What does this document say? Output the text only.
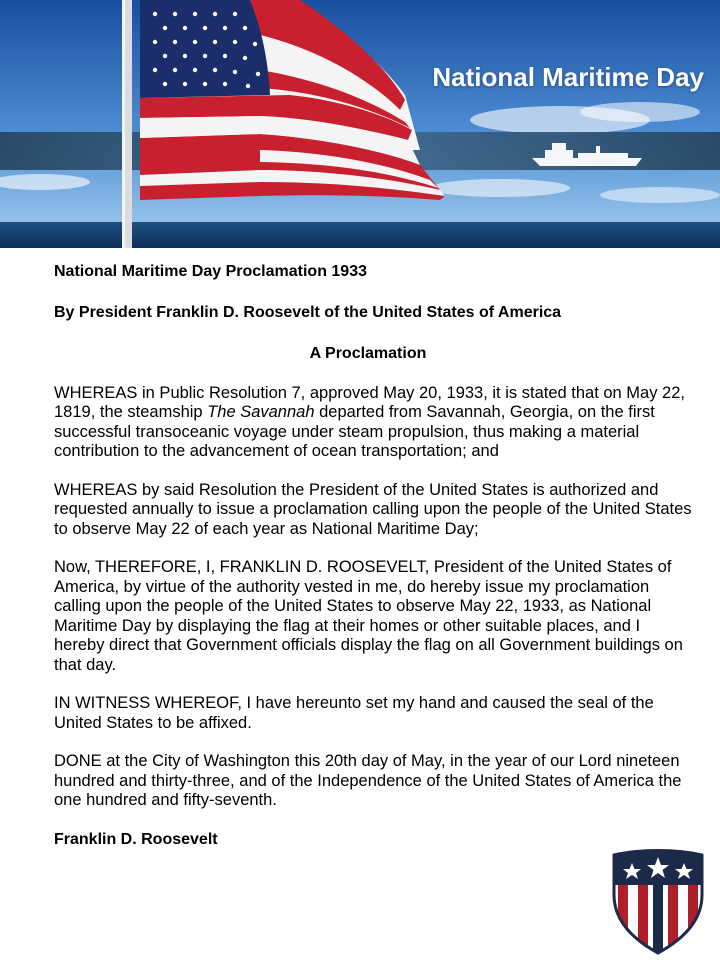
National Maritime Day
National Maritime Day Proclamation 1933
By President Franklin D. Roosevelt of the United States of America
A Proclamation

WHEREAS in Public Resolution 7, approved May 20, 1933, it is stated that on May 22, 1819, the steamship The Savannah departed from Savannah, Georgia, on the first successful transoceanic voyage under steam propulsion, thus making a material contribution to the advancement of ocean transportation; and

WHEREAS by said Resolution the President of the United States is authorized and requested annually to issue a proclamation calling upon the people of the United States to observe May 22 of each year as National Maritime Day;

Now, THEREFORE, I, FRANKLIN D. ROOSEVELT, President of the United States of America, by virtue of the authority vested in me, do hereby issue my proclamation calling upon the people of the United States to observe May 22, 1933, as National Maritime Day by displaying the flag at their homes or other suitable places, and I hereby direct that Government officials display the flag on all Government buildings on that day.

IN WITNESS WHEREOF, I have hereunto set my hand and caused the seal of the United States to be affixed.

DONE at the City of Washington this 20th day of May, in the year of our Lord nineteen hundred and thirty-three, and of the Independence of the United States of America the one hundred and fifty-seventh.

Franklin D. Roosevelt
